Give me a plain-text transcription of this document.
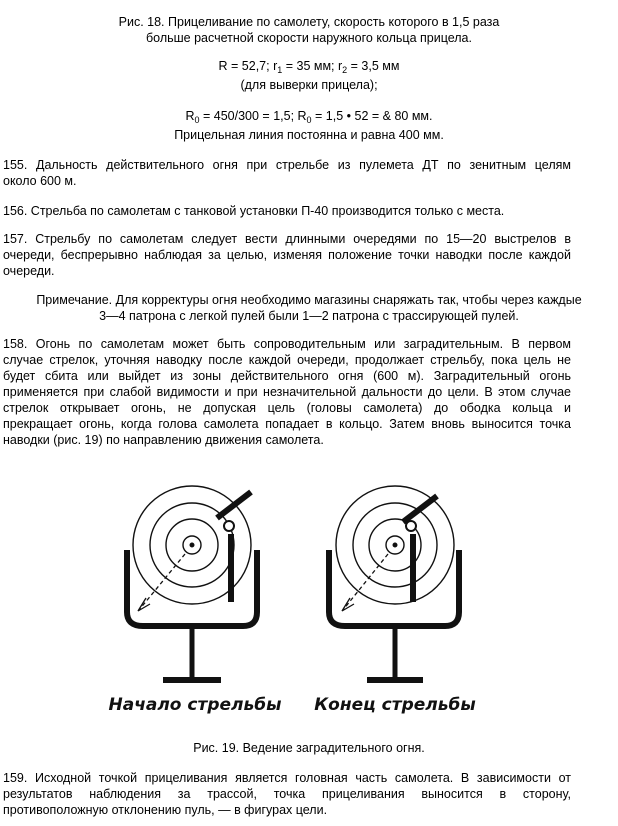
Рис. 18. Прицеливание по самолету, скорость которого в 1,5 раза
больше расчетной скорости наружного кольца прицела.
R = 52,7; $r_1 = 35$ мм; $r_2 = 3,5$ мм
(для выверки прицела);
$R_0 = 450/300 = 1,5$; $R_0 = 1,5$ • 52 = & 80 мм.
Прицельная линия постоянна и равна 400 мм.
155. Дальность действительного огня при стрельбе из пулемета ДТ по зенитным целям
около 600 м.
156. Стрельба по самолетам с танковой установки П-40 производится только с места.
157. Стрельбу по самолетам следует вести длинными очередями по 15—20 выстрелов в
очереди, беспрерывно наблюдая за целью, изменяя положение точки наводки после каждой
очереди.
Примечание. Для корректуры огня необходимо магазины снаряжать так, чтобы через каждые
3—4 патрона с легкой пулей были 1—2 патрона с трассирующей пулей.
158. Огонь по самолетам может быть сопроводительным или заградительным. В первом
случае стрелок, уточняя наводку после каждой очереди, продолжает стрельбу, пока цель не
будет сбита или выйдет из зоны действительного огня (600 м). Заградительный огонь
применяется при слабой видимости и при незначительной дальности до цели. В этом случае
стрелок открывает огонь, не допуская цель (головы самолета) до ободка кольца и
прекращает огонь, когда голова самолета попадает в кольцо. Затем вновь выносится точка
наводки (рис. 19) по направлению движения самолета.
Начало стрельбы Конец стрельбы
Рис. 19. Ведение заградительного огня.
159. Исходной точкой прицеливания является головная часть самолета. В зависимости от
результатов наблюдения за трассой, точка прицеливания выносится в сторону,
противоположную отклонению пуль, — в фигурах цели.
